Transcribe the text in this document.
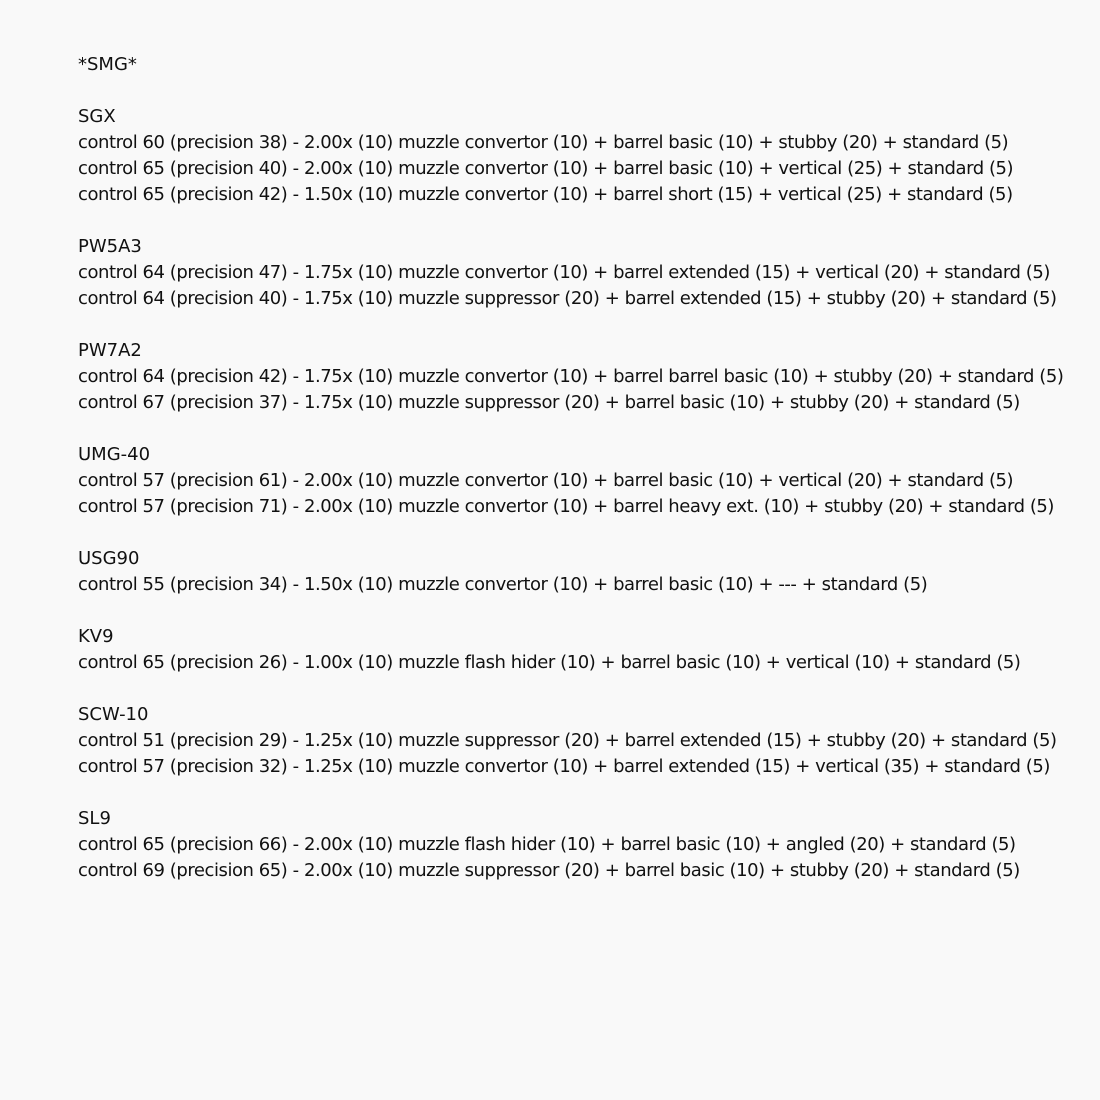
*SMG*
SGX
control 60 (precision 38) - 2.00x (10) muzzle convertor (10) + barrel basic (10) + stubby (20) + standard (5)
control 65 (precision 40) - 2.00x (10) muzzle convertor (10) + barrel basic (10) + vertical (25) + standard (5)
control 65 (precision 42) - 1.50x (10) muzzle convertor (10) + barrel short (15) + vertical (25) + standard (5)
PW5A3
control 64 (precision 47) - 1.75x (10) muzzle convertor (10) + barrel extended (15) + vertical (20) + standard (5)
control 64 (precision 40) - 1.75x (10) muzzle suppressor (20) + barrel extended (15) + stubby (20) + standard (5)
PW7A2
control 64 (precision 42) - 1.75x (10) muzzle convertor (10) + barrel barrel basic (10) + stubby (20) + standard (5)
control 67 (precision 37) - 1.75x (10) muzzle suppressor (20) + barrel basic (10) + stubby (20) + standard (5)
UMG-40
control 57 (precision 61) - 2.00x (10) muzzle convertor (10) + barrel basic (10) + vertical (20) + standard (5)
control 57 (precision 71) - 2.00x (10) muzzle convertor (10) + barrel heavy ext. (10) + stubby (20) + standard (5)
USG90
control 55 (precision 34) - 1.50x (10) muzzle convertor (10) + barrel basic (10) + --- + standard (5)
KV9
control 65 (precision 26) - 1.00x (10) muzzle flash hider (10) + barrel basic (10) + vertical (10) + standard (5)
SCW-10
control 51 (precision 29) - 1.25x (10) muzzle suppressor (20) + barrel extended (15) + stubby (20) + standard (5)
control 57 (precision 32) - 1.25x (10) muzzle convertor (10) + barrel extended (15) + vertical (35) + standard (5)
SL9
control 65 (precision 66) - 2.00x (10) muzzle flash hider (10) + barrel basic (10) + angled (20) + standard (5)
control 69 (precision 65) - 2.00x (10) muzzle suppressor (20) + barrel basic (10) + stubby (20) + standard (5)
